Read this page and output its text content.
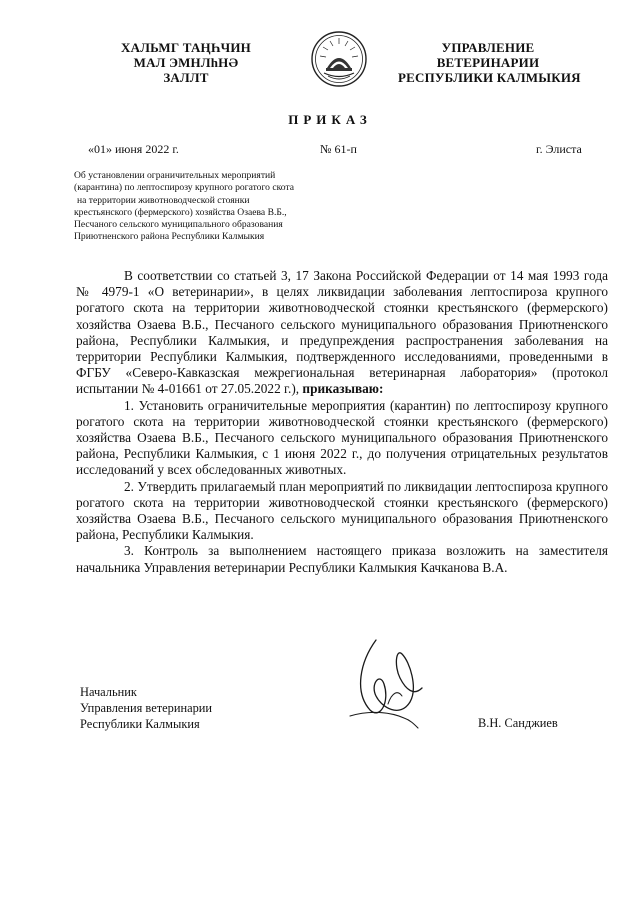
ХАЛЬМГ ТАҢҺЧИН
МАЛ ЭМНЛһНӘ
ЗАЛЛТ
УПРАВЛЕНИЕ
ВЕТЕРИНАРИИ
РЕСПУБЛИКИ КАЛМЫКИЯ
ПРИКАЗ
«01» июня 2022 г.	№ 61-п	г. Элиста
Об установлении ограничительных мероприятий
(карантина) по лептоспирозу крупного рогатого скота
на территории животноводческой стоянки
крестьянского (фермерского) хозяйства Озаева В.Б.,
Песчаного сельского муниципального образования
Приютненского района Республики Калмыкия

В соответствии со статьей 3, 17 Закона Российской Федерации от 14 мая 1993 года № 4979-1 «О ветеринарии», в целях ликвидации заболевания лептоспироза крупного рогатого скота на территории животноводческой стоянки крестьянского (фермерского) хозяйства Озаева В.Б., Песчаного сельского муниципального образования Приютненского района, Республики Калмыкия, и предупреждения распространения заболевания на территории Республики Калмыкия, подтвержденного исследованиями, проведенными в ФГБУ «Северо-Кавказская межрегиональная ветеринарная лаборатория» (протокол испытании № 4-01661 от 27.05.2022 г.), приказываю:

1. Установить ограничительные мероприятия (карантин) по лептоспирозу крупного рогатого скота на территории животноводческой стоянки крестьянского (фермерского) хозяйства Озаева В.Б., Песчаного сельского муниципального образования Приютненского района, Республики Калмыкия, с 1 июня 2022 г., до получения отрицательных результатов исследований у всех обследованных животных.

2. Утвердить прилагаемый план мероприятий по ликвидации лептоспироза крупного рогатого скота на территории животноводческой стоянки крестьянского (фермерского) хозяйства Озаева В.Б., Песчаного сельского муниципального образования Приютненского района, Республики Калмыкия.

3. Контроль за выполнением настоящего приказа возложить на заместителя начальника Управления ветеринарии Республики Калмыкия Качканова В.А.

Начальник
Управления ветеринарии
Республики Калмыкия	В.Н. Санджиев
